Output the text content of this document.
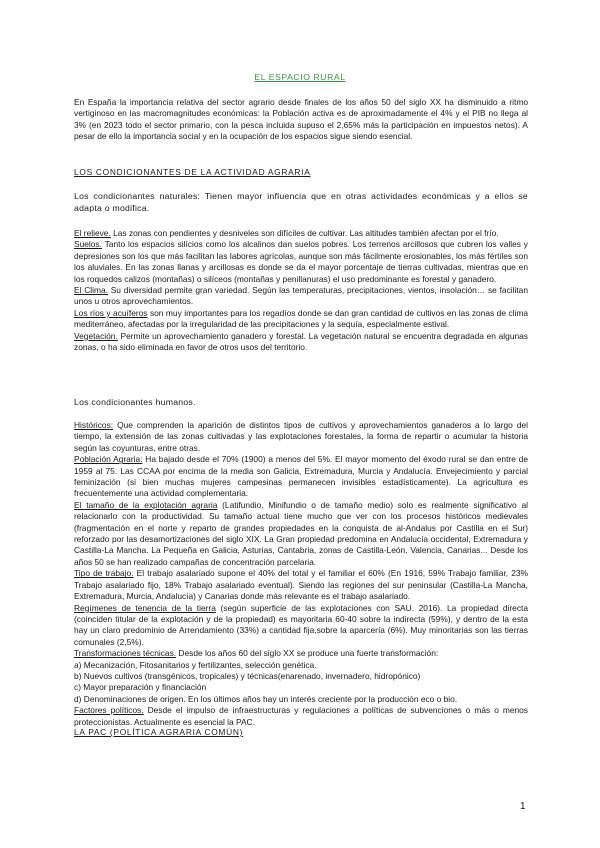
EL ESPACIO RURAL

En España la importancia relativa del sector agrario desde finales de los años 50 del siglo XX ha disminuido a ritmo vertiginoso en las macromagnitudes económicas: la Población activa es de aproximadamente el 4% y el PIB no llega al 3% (en 2023 todo el sector primario, con la pesca incluida supuso el 2,65% más la participación en impuestos netos). A pesar de ello la importancia social y en la ocupación de los espacios sigue siendo esencial.

LOS CONDICIONANTES DE LA ACTIVIDAD AGRARIA

Los condicionantes naturales: Tienen mayor influencia que en otras actividades económicas y a ellos se adapta o modifica.

El relieve. Las zonas con pendientes y desniveles son difíciles de cultivar. Las altitudes también afectan por el frío.

Suelos. Tanto los espacios silícios como los alcalinos dan suelos pobres. Los terrenos arcillosos que cubren los valles y depresiones son los que más facilitan las labores agrícolas, aunque son más fácilmente erosionables, los más fértiles son los aluviales. En las zonas llanas y arcillosas es donde se da el mayor porcentaje de tierras cultivadas, mientras que en los roquedos calizos (montañas) o silíceos (montañas y penillanuras) el uso predominante es forestal y ganadero.

El Clima. Su diversidad permite gran variedad. Según las temperaturas, precipitaciones, vientos, insolación… se facilitan unos u otros aprovechamientos.

Los ríos y acuíferos son muy importantes para los regadíos donde se dan gran cantidad de cultivos en las zonas de clima mediterráneo, afectadas por la irregularidad de las precipitaciones y la sequía, especialmente estival.

Vegetación. Permite un aprovechamiento ganadero y forestal. La vegetación natural se encuentra degradada en algunas zonas, o ha sido eliminada en favor de otros usos del territorio.

Los condicionantes humanos.

Históricos: Que comprenden la aparición de distintos tipos de cultivos y aprovechamientos ganaderos a lo largo del tiempo, la extensión de las zonas cultivadas y las explotaciones forestales, la forma de repartir o acumular la historia según las coyunturas, entre otras.

Población Agraria: Ha bajado desde el 70% (1900) a menos del 5%. El mayor momento del éxodo rural se dan entre de 1959 al 75. Las CCAA por encima de la media son Galicia, Extremadura, Murcia y Andalucía. Envejecimiento y parcial feminización (si bien muchas mujeres campesinas permanecen invisibles estadísticamente). La agricultura es frecuentemente una actividad complementaria.

El tamaño de la explotación agraria (Latifundio, Minifundio o de tamaño medio) solo es realmente significativo al relacionarlo con la productividad. Su tamaño actual tiene mucho que ver con los procesos históricos medievales (fragmentación en el norte y reparto de grandes propiedades en la conquista de al-Andalus por Castilla en el Sur) reforzado por las desamortizaciones del siglo XIX. La Gran propiedad predomina en Andalucía occidental, Extremadura y Castilla-La Mancha. La Pequeña en Galicia, Asturias, Cantabria, zonas de Castilla-León, Valencia, Canarias... Desde los años 50 se han realizado campañas de concentración parcelaria.

Tipo de trabajo. El trabajo asalariado supone el 40% del total y el familiar el 60% (En 1916, 59% Trabajo familiar, 23% Trabajo asalariado fijo, 18% Trabajo asalariado eventual). Siendo las regiones del sur peninsular (Castilla-La Mancha, Extremadura, Murcia, Andalucía) y Canarias donde más relevante es el trabajo asalariado.

Regímenes de tenencia de la tierra (según superficie de las explotaciones con SAU. 2016). La propiedad directa (coinciden titular de la explotación y de la propiedad) es mayoritaria 60-40 sobre la indirecta (59%), y dentro de la esta hay un claro predominio de Arrendamiento (33%) a cantidad fija,sobre la aparcería (6%). Muy minoritarias son las tierras comunales (2,5%).

Transformaciones técnicas. Desde los años 60 del siglo XX se produce una fuerte transformación:

a) Mecanización, Fitosanitarios y fertilizantes, selección genética.

b) Nuevos cultivos (transgénicos, tropicales) y técnicas(enarenado, invernadero, hidropónico)

c) Mayor preparación y financiación

d) Denominaciones de origen. En los últimos años hay un interés creciente por la producción eco o bio.

Factores políticos. Desde el impulso de infraestructuras y regulaciones a políticas de subvenciones o más o menos proteccionistas. Actualmente es esencial la PAC.

LA PAC (POLÍTICA AGRARIA COMÚN)
1
